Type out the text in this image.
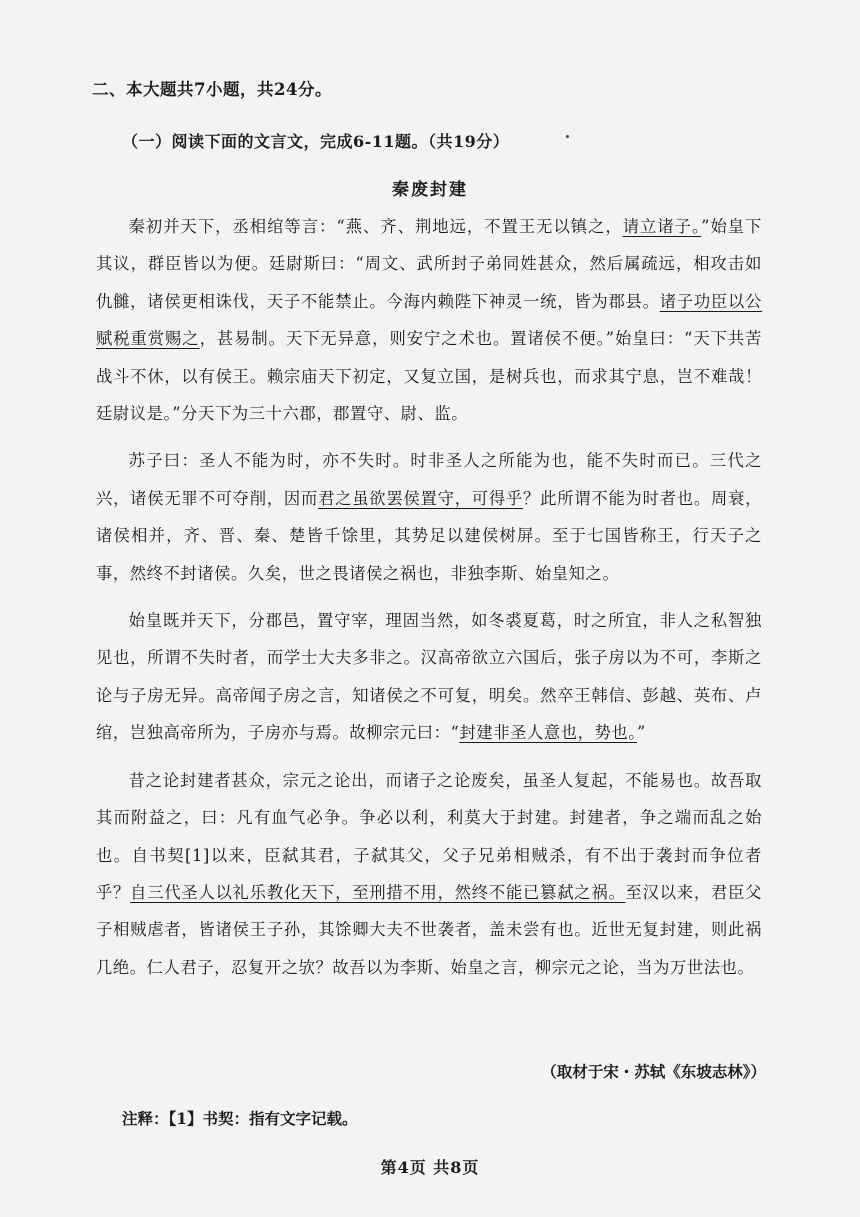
二、本大题共7小题，共24分。
（一）阅读下面的文言文，完成6-11题。（共19分）
秦废封建

秦初并天下，丞相绾等言：“燕、齐、荆地远，不置王无以镇之，请立诸子。”始皇下其议，群臣皆以为便。廷尉斯曰：“周文、武所封子弟同姓甚众，然后属疏远，相攻击如仇雠，诸侯更相诛伐，天子不能禁止。今海内赖陛下神灵一统，皆为郡县。诸子功臣以公赋税重赏赐之，甚易制。天下无异意，则安宁之术也。置诸侯不便。”始皇曰：“天下共苦战斗不休，以有侯王。赖宗庙天下初定，又复立国，是树兵也，而求其宁息，岂不难哉！廷尉议是。”分天下为三十六郡，郡置守、尉、监。

苏子曰：圣人不能为时，亦不失时。时非圣人之所能为也，能不失时而已。三代之兴，诸侯无罪不可夺削，因而君之虽欲罢侯置守，可得乎？此所谓不能为时者也。周衰，诸侯相并，齐、晋、秦、楚皆千馀里，其势足以建侯树屏。至于七国皆称王，行天子之事，然终不封诸侯。久矣，世之畏诸侯之祸也，非独李斯、始皇知之。

始皇既并天下，分郡邑，置守宰，理固当然，如冬裘夏葛，时之所宜，非人之私智独见也，所谓不失时者，而学士大夫多非之。汉高帝欲立六国后，张子房以为不可，李斯之论与子房无异。高帝闻子房之言，知诸侯之不可复，明矣。然卒王韩信、彭越、英布、卢绾，岂独高帝所为，子房亦与焉。故柳宗元曰：“封建非圣人意也，势也。”

昔之论封建者甚众，宗元之论出，而诸子之论废矣，虽圣人复起，不能易也。故吾取其而附益之，曰：凡有血气必争。争必以利，利莫大于封建。封建者，争之端而乱之始也。自书契[1]以来，臣弑其君，子弑其父，父子兄弟相贼杀，有不出于袭封而争位者乎？自三代圣人以礼乐教化天下，至刑措不用，然终不能已篡弑之祸。至汉以来，君臣父子相贼虐者，皆诸侯王子孙，其馀卿大夫不世袭者，盖未尝有也。近世无复封建，则此祸几绝。仁人君子，忍复开之欤？故吾以为李斯、始皇之言，柳宗元之论，当为万世法也。

（取材于宋・苏轼《东坡志林》）
注释：【1】书契：指有文字记载。
第4页 共8页
